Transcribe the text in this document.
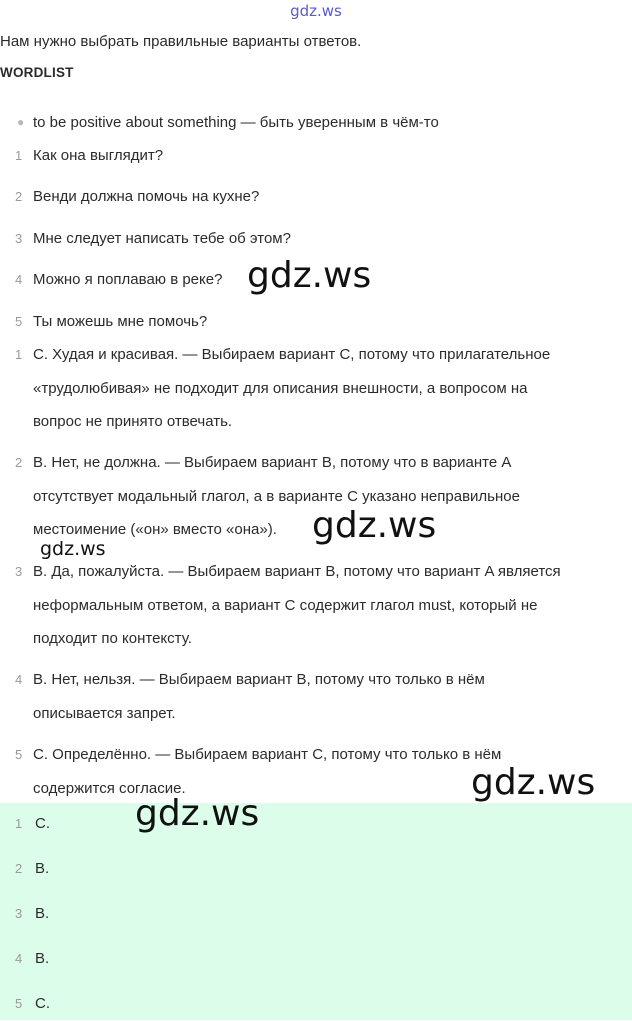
gdz.ws
Нам нужно выбрать правильные варианты ответов.
WORDLIST
● to be positive about something — быть уверенным в чём-то
1 Как она выглядит?
2 Венди должна помочь на кухне?
3 Мне следует написать тебе об этом?
4 Можно я поплаваю в реке?
5 Ты можешь мне помочь?
1 C. Худая и красивая. — Выбираем вариант C, потому что прилагательное
«трудолюбивая» не подходит для описания внешности, а вопросом на
вопрос не принято отвечать.
2 B. Нет, не должна. — Выбираем вариант B, потому что в варианте A
отсутствует модальный глагол, а в варианте C указано неправильное
местоимение («он» вместо «она»).
3 B. Да, пожалуйста. — Выбираем вариант B, потому что вариант A является
неформальным ответом, а вариант C содержит глагол must, который не
подходит по контексту.
4 B. Нет, нельзя. — Выбираем вариант B, потому что только в нём
описывается запрет.
5 C. Определённо. — Выбираем вариант C, потому что только в нём
содержится согласие.
1 C.
2 B.
3 B.
4 B.
5 C.
gdz.ws
gdz.ws
gdz.ws
gdz.ws
gdz.ws
